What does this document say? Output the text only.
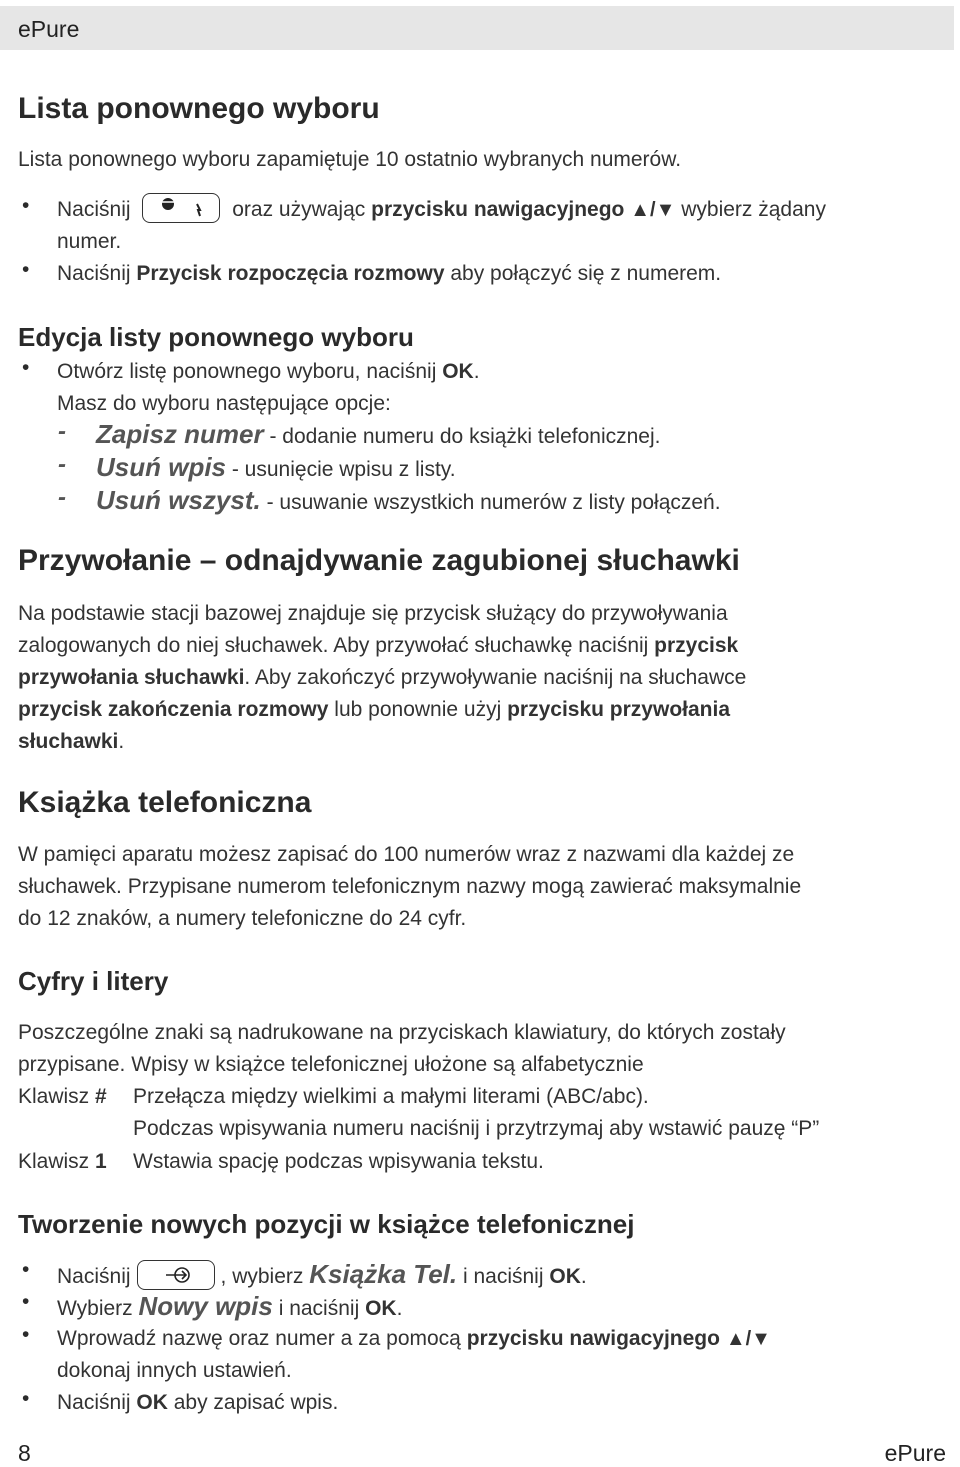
ePure
Lista ponownego wyboru
Lista ponownego wyboru zapamiętuje 10 ostatnio wybranych numerów.
• Naciśnij	oraz używając przycisku nawigacyjnego ▲/▼ wybierz żądany
numer.
• Naciśnij Przycisk rozpoczęcia rozmowy aby połączyć się z numerem.
Edycja listy ponownego wyboru
• Otwórz listę ponownego wyboru, naciśnij OK.
Masz do wyboru następujące opcje:
- Zapisz numer - dodanie numeru do książki telefonicznej.
- Usuń wpis - usunięcie wpisu z listy.
- Usuń wszyst. - usuwanie wszystkich numerów z listy połączeń.
Przywołanie – odnajdywanie zagubionej słuchawki
Na podstawie stacji bazowej znajduje się przycisk służący do przywoływania
zalogowanych do niej słuchawek. Aby przywołać słuchawkę naciśnij przycisk
przywołania słuchawki. Aby zakończyć przywoływanie naciśnij na słuchawce
przycisk zakończenia rozmowy lub ponownie użyj przycisku przywołania
słuchawki.
Książka telefoniczna
W pamięci aparatu możesz zapisać do 100 numerów wraz z nazwami dla każdej ze
słuchawek. Przypisane numerom telefonicznym nazwy mogą zawierać maksymalnie
do 12 znaków, a numery telefoniczne do 24 cyfr.
Cyfry i litery
Poszczególne znaki są nadrukowane na przyciskach klawiatury, do których zostały
przypisane. Wpisy w książce telefonicznej ułożone są alfabetycznie
Klawisz # Przełącza między wielkimi a małymi literami (ABC/abc).
Podczas wpisywania numeru naciśnij i przytrzymaj aby wstawić pauzę “P”
Klawisz 1 Wstawia spację podczas wpisywania tekstu.
Tworzenie nowych pozycji w książce telefonicznej
• Naciśnij	, wybierz Książka Tel. i naciśnij OK.
• Wybierz Nowy wpis i naciśnij OK.
• Wprowadź nazwę oraz numer a za pomocą przycisku nawigacyjnego ▲/▼
dokonaj innych ustawień.
• Naciśnij OK aby zapisać wpis.
8	ePure
